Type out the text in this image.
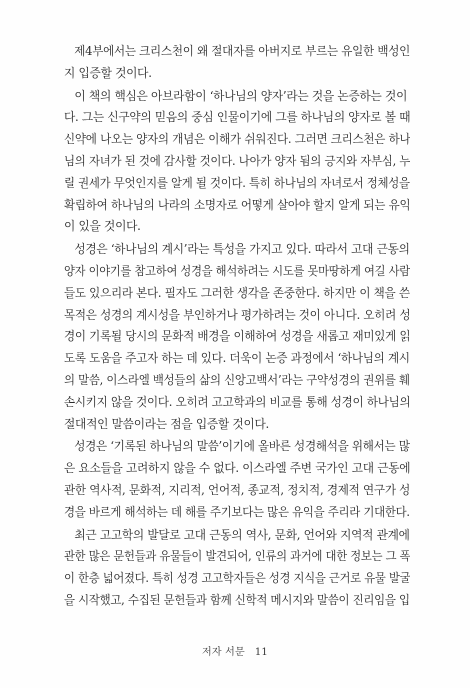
제4부에서는 크리스천이 왜 절대자를 아버지로 부르는 유일한 백성인
지 입증할 것이다.

이 책의 핵심은 아브라함이 ‘하나님의 양자’라는 것을 논증하는 것이
다. 그는 신구약의 믿음의 중심 인물이기에 그를 하나님의 양자로 볼 때
신약에 나오는 양자의 개념은 이해가 쉬워진다. 그러면 크리스천은 하나
님의 자녀가 된 것에 감사할 것이다. 나아가 양자 됨의 긍지와 자부심, 누
릴 권세가 무엇인지를 알게 될 것이다. 특히 하나님의 자녀로서 정체성을
확립하여 하나님의 나라의 소명자로 어떻게 살아야 할지 알게 되는 유익
이 있을 것이다.

성경은 ‘하나님의 계시’라는 특성을 가지고 있다. 따라서 고대 근동의
양자 이야기를 참고하여 성경을 해석하려는 시도를 못마땅하게 여길 사람
들도 있으리라 본다. 필자도 그러한 생각을 존중한다. 하지만 이 책을 쓴
목적은 성경의 계시성을 부인하거나 평가하려는 것이 아니다. 오히려 성
경이 기록될 당시의 문화적 배경을 이해하여 성경을 새롭고 재미있게 읽
도록 도움을 주고자 하는 데 있다. 더욱이 논증 과정에서 ‘하나님의 계시
의 말씀, 이스라엘 백성들의 삶의 신앙고백서’라는 구약성경의 권위를 훼
손시키지 않을 것이다. 오히려 고고학과의 비교를 통해 성경이 하나님의
절대적인 말씀이라는 점을 입증할 것이다.

성경은 ‘기록된 하나님의 말씀’이기에 올바른 성경해석을 위해서는 많
은 요소들을 고려하지 않을 수 없다. 이스라엘 주변 국가인 고대 근동에
관한 역사적, 문화적, 지리적, 언어적, 종교적, 정치적, 경제적 연구가 성
경을 바르게 해석하는 데 해를 주기보다는 많은 유익을 주리라 기대한다.

최근 고고학의 발달로 고대 근동의 역사, 문화, 언어와 지역적 관계에
관한 많은 문헌들과 유물들이 발견되어, 인류의 과거에 대한 정보는 그 폭
이 한층 넓어졌다. 특히 성경 고고학자들은 성경 지식을 근거로 유물 발굴
을 시작했고, 수집된 문헌들과 함께 신학적 메시지와 말씀이 진리임을 입

저자 서문 11
